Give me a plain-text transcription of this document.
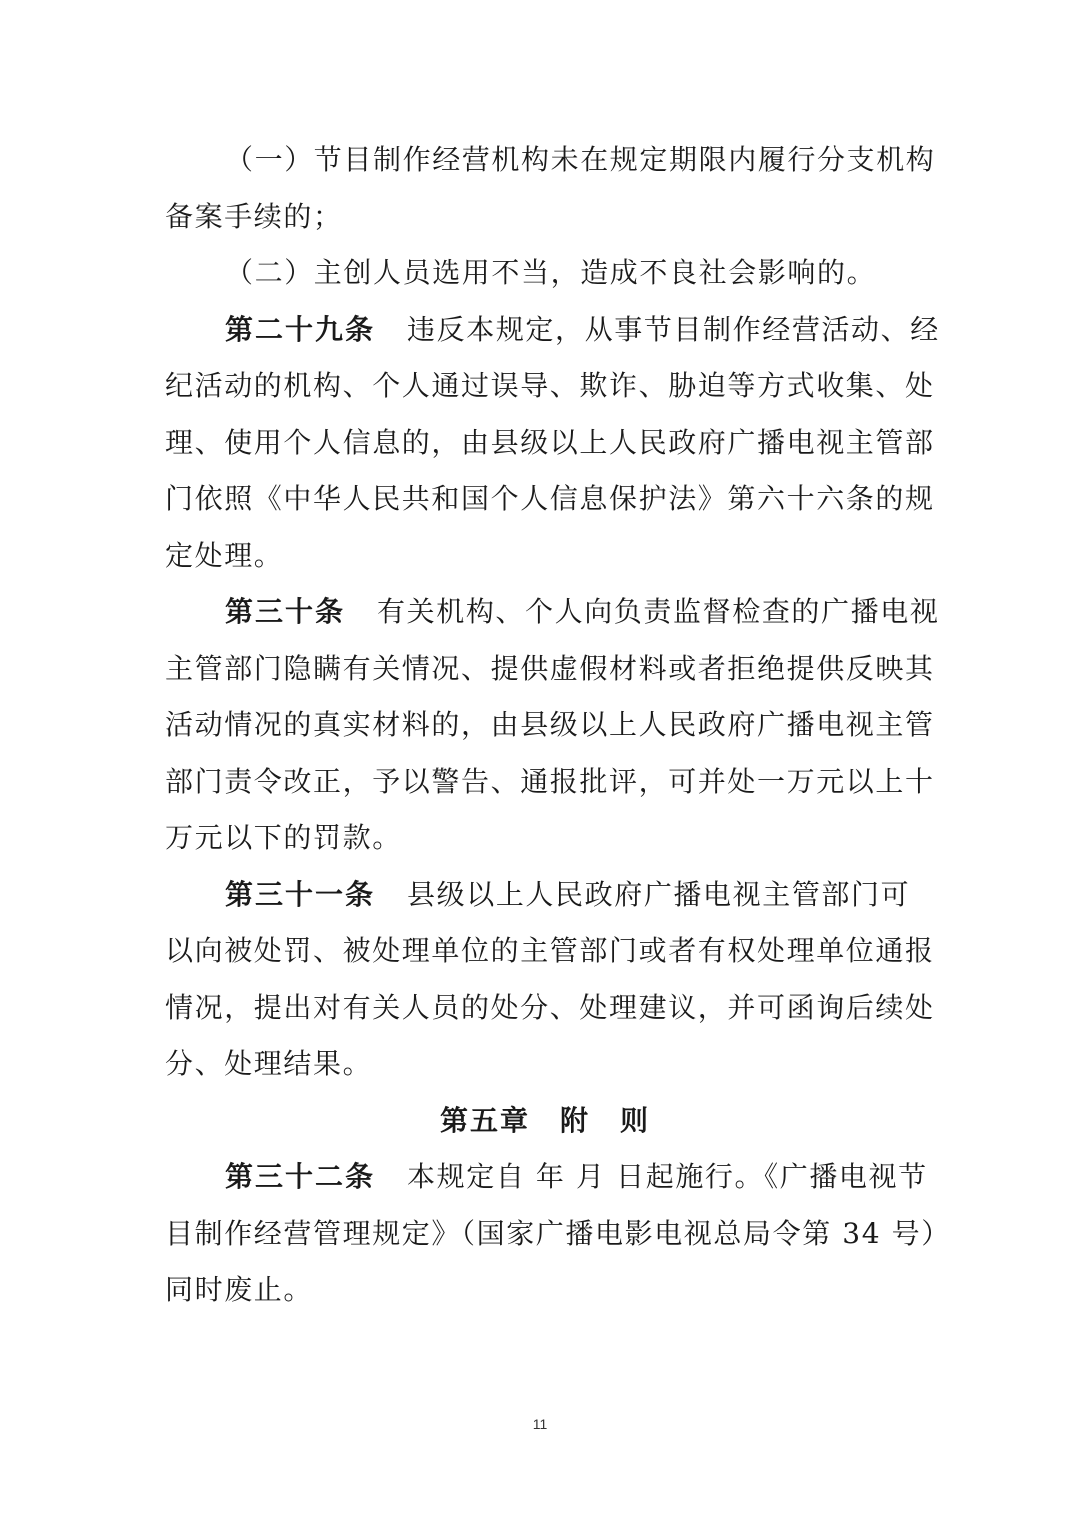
（一）节目制作经营机构未在规定期限内履行分支机构
备案手续的；

（二）主创人员选用不当，造成不良社会影响的。

第二十九条 违反本规定，从事节目制作经营活动、经
纪活动的机构、个人通过误导、欺诈、胁迫等方式收集、处
理、使用个人信息的，由县级以上人民政府广播电视主管部
门依照《中华人民共和国个人信息保护法》第六十六条的规
定处理。

第三十条 有关机构、个人向负责监督检查的广播电视
主管部门隐瞒有关情况、提供虚假材料或者拒绝提供反映其
活动情况的真实材料的，由县级以上人民政府广播电视主管
部门责令改正，予以警告、通报批评，可并处一万元以上十
万元以下的罚款。

第三十一条 县级以上人民政府广播电视主管部门可
以向被处罚、被处理单位的主管部门或者有权处理单位通报
情况，提出对有关人员的处分、处理建议，并可函询后续处
分、处理结果。

第五章　附　则

第三十二条 本规定自 年 月 日起施行。《广播电视节
目制作经营管理规定》（国家广播电影电视总局令第 34 号）
同时废止。

11
